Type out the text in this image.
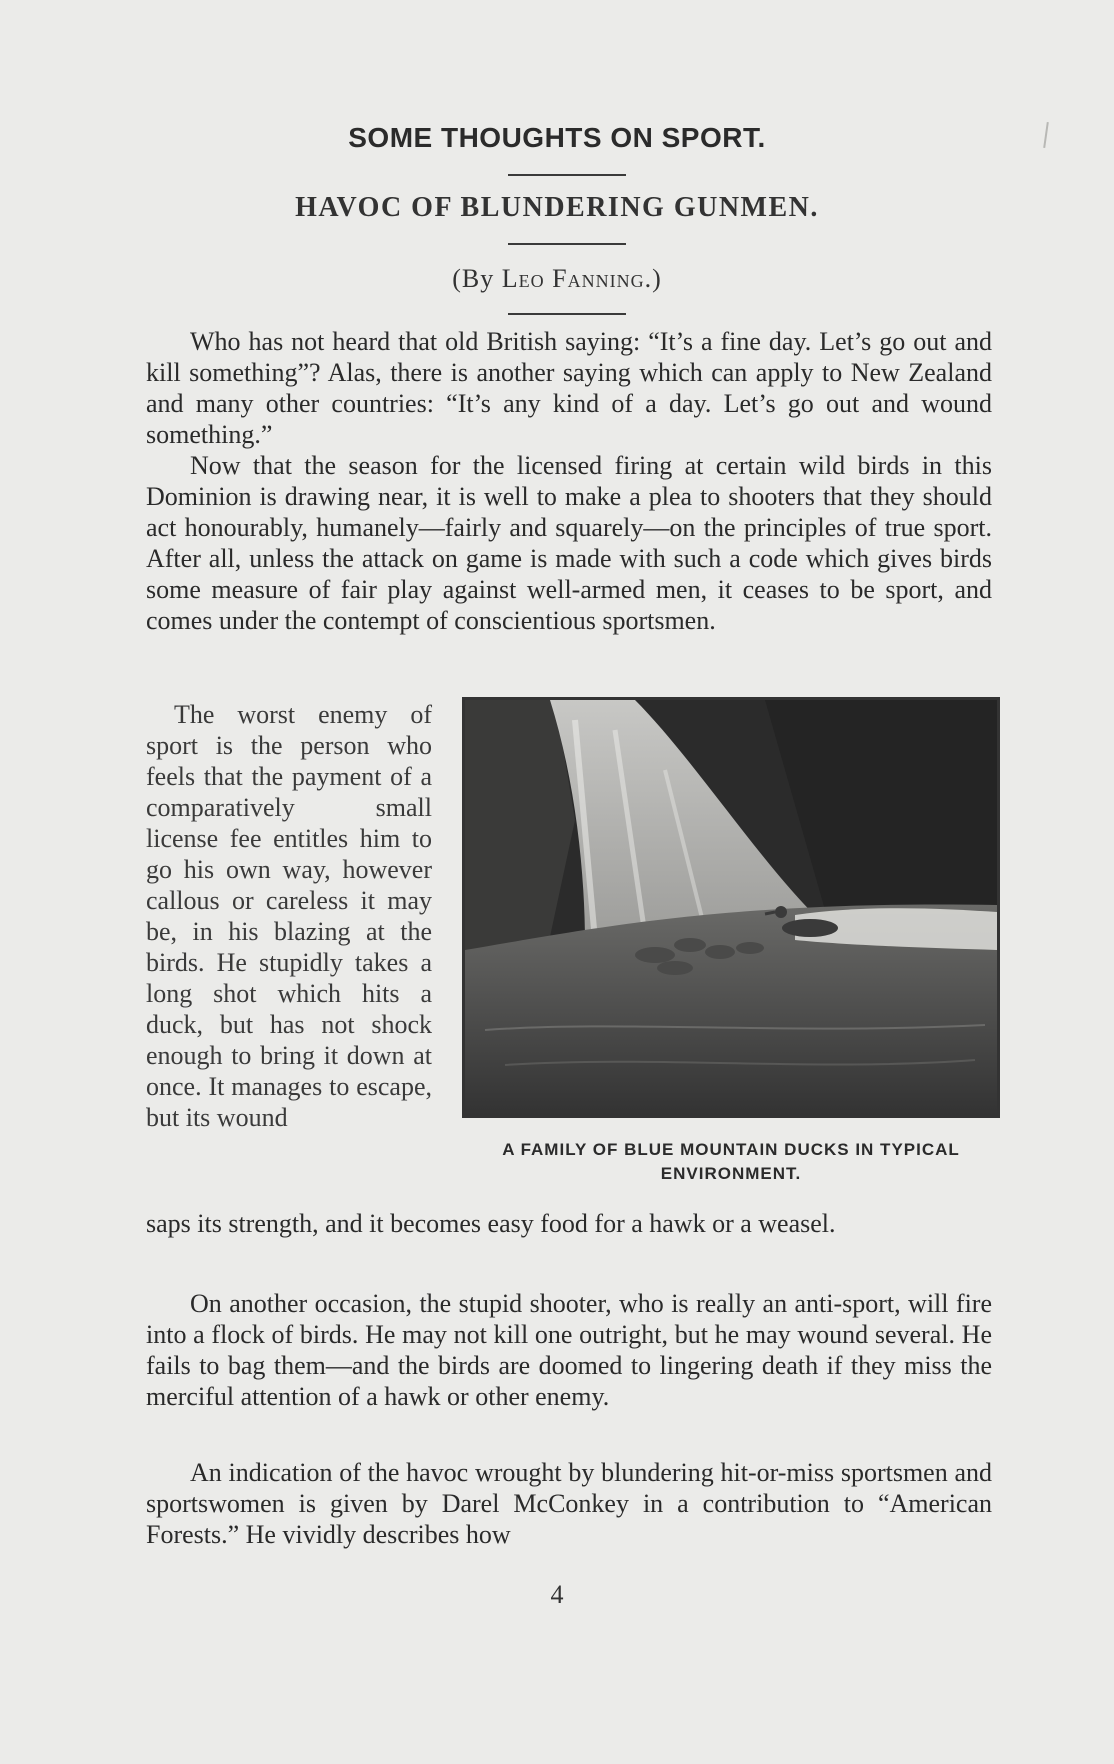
SOME THOUGHTS ON SPORT.
HAVOC OF BLUNDERING GUNMEN.
(By Leo Fanning.)

Who has not heard that old British saying: “It’s a fine day. Let’s go out and kill something”? Alas, there is another saying which can apply to New Zealand and many other countries: “It’s any kind of a day. Let’s go out and wound something.”

Now that the season for the licensed firing at certain wild birds in this Dominion is drawing near, it is well to make a plea to shooters that they should act honourably, humanely—fairly and squarely—on the principles of true sport. After all, unless the attack on game is made with such a code which gives birds some measure of fair play against well-armed men, it ceases to be sport, and comes under the contempt of conscientious sportsmen.

The worst enemy of sport is the person who feels that the payment of a comparatively small license fee entitles him to go his own way, however callous or careless it may be, in his blazing at the birds. He stupidly takes a long shot which hits a duck, but has not shock enough to bring it down at once. It manages to escape, but its wound

A FAMILY OF BLUE MOUNTAIN DUCKS IN TYPICAL ENVIRONMENT.

saps its strength, and it becomes easy food for a hawk or a weasel.

On another occasion, the stupid shooter, who is really an anti-sport, will fire into a flock of birds. He may not kill one outright, but he may wound several. He fails to bag them—and the birds are doomed to lingering death if they miss the merciful attention of a hawk or other enemy.

An indication of the havoc wrought by blundering hit-or-miss sportsmen and sportswomen is given by Darel McConkey in a contribution to “American Forests.” He vividly describes how

4
